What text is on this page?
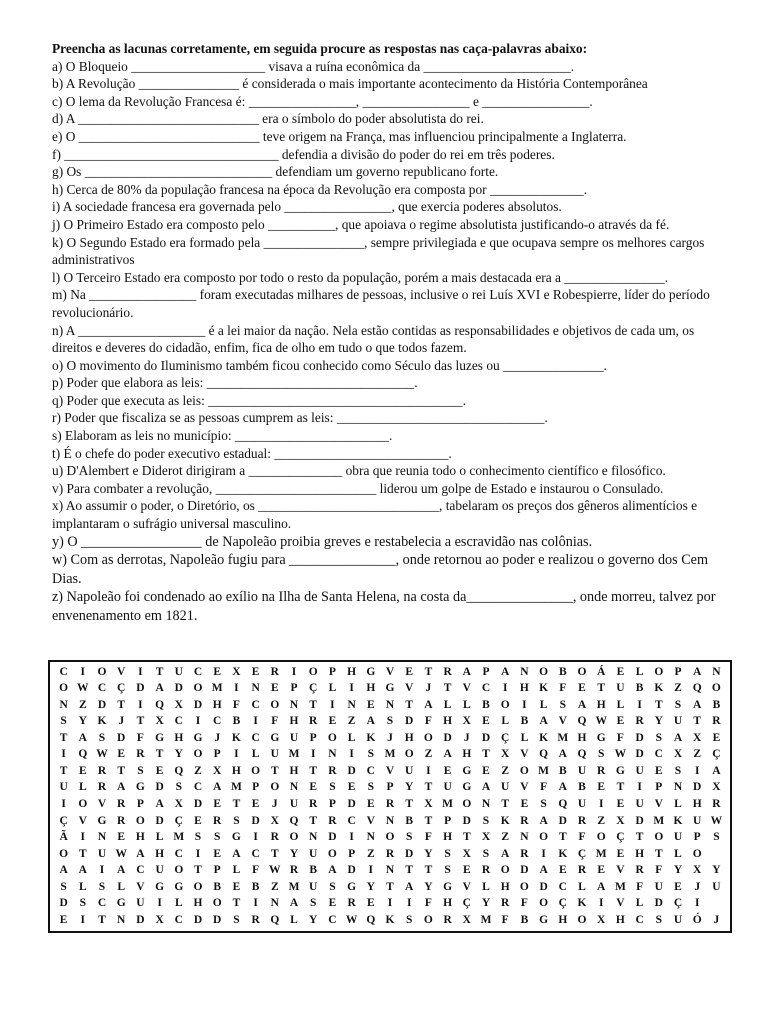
Preencha as lacunas corretamente, em seguida procure as respostas nas caça-palavras abaixo:

a) O Bloqueio ____________________ visava a ruína econômica da ______________________.

b) A Revolução _______________ é considerada o mais importante acontecimento da História Contemporânea

c) O lema da Revolução Francesa é: ________________, ________________ e ________________.

d) A ___________________________ era o símbolo do poder absolutista do rei.

e) O ___________________________ teve origem na França, mas influenciou principalmente a Inglaterra.

f) ________________________________ defendia a divisão do poder do rei em três poderes.

g) Os ____________________________ defendiam um governo republicano forte.

h) Cerca de 80% da população francesa na época da Revolução era composta por ______________.

i) A sociedade francesa era governada pelo ________________, que exercia poderes absolutos.

j) O Primeiro Estado era composto pelo __________, que apoiava o regime absolutista justificando-o através da fé.

k) O Segundo Estado era formado pela _______________, sempre privilegiada e que ocupava sempre os melhores cargos administrativos

l) O Terceiro Estado era composto por todo o resto da população, porém a mais destacada era a _______________.

m) Na ________________ foram executadas milhares de pessoas, inclusive o rei Luís XVI e Robespierre, líder do período revolucionário.

n) A ___________________ é a lei maior da nação. Nela estão contidas as responsabilidades e objetivos de cada um, os direitos e deveres do cidadão, enfim, fica de olho em tudo o que todos fazem.

o) O movimento do Iluminismo também ficou conhecido como Século das luzes ou _______________.

p) Poder que elabora as leis: _______________________________.

q) Poder que executa as leis: ______________________________________.

r) Poder que fiscaliza se as pessoas cumprem as leis: _______________________________.

s) Elaboram as leis no município: _______________________.

t) É o chefe do poder executivo estadual: __________________________.

u) D'Alembert e Diderot dirigiram a ______________ obra que reunia todo o conhecimento científico e filosófico.

v) Para combater a revolução, ________________________ liderou um golpe de Estado e instaurou o Consulado.

x) Ao assumir o poder, o Diretório, os ___________________________, tabelaram os preços dos gêneros alimentícios e implantaram o sufrágio universal masculino.

y) O _________________ de Napoleão proibia greves e restabelecia a escravidão nas colônias.

w) Com as derrotas, Napoleão fugiu para _______________, onde retornou ao poder e realizou o governo dos Cem Dias.

z) Napoleão foi condenado ao exílio na Ilha de Santa Helena, na costa da_______________, onde morreu, talvez por envenenamento em 1821.

C	I	O V	I	T U C E X E R	I	O P H G V E	T R A	P	A N O B O Á E	L O P	A N
O W C Ç D A D O M	I	N E	P	Ç L	I	H G V	J	T V C	I	H K F	E	T U B K Z Q O
N Z D T	I	Q X D H F	C O N T	I	N E N T A L	L	B O	I	L	S	A H L	I	T	S	A B
S	Y K	J	T X C	I	C B	I	F H R E	Z A	S	D	F H X E	L	B A V Q W E R Y U T R
T A	S	D	F G H G	J	K C G U	P O L K	J	H O D	J	D Ç L K M H G F	D	S	A X E
I	Q W E R T Y O P	I	L U M	I	N	I	S M O Z A H T X V Q A Q	S W D C X Z Ç
T	E R T	S	E Q Z X H O T H T R D C V U	I	E G E	Z O M B U R G U E	S	I	A
U L R A G D	S	C A M P O N E	S	E	S	P	Y T U G A U V	F	A B	E	T	I	P	N D X
I	O V R	P	A X D E	T	E	J	U R	P	D E R T X M O N T	E	S	Q U	I	E U V L H R
Ç V G R O D Ç E R	S	D X Q T R C V N B	T	P	D	S	K R A D R Z X D M K U W
Ã	I	N E H L M S	S	G	I	R O N D	I	N O	S	F H T X Z N O T	F O Ç T O U	P	S
O T U W A H C	I	E A C T Y U O P	Z R D Y	S	X	S	A R	I	K Ç M E H T	L O
A A	I	A C U O T	P	L	F W R B A D	I	N T	T	S	E R O D A E R E V R	F	Y X Y
S	L	S	L V G G O B	E	B	Z M U	S	G Y T A Y G V L H O D C L A M F	U E	J	U
D	S	C G U	I	L H O T	I	N A	S	E R E	I	I	F H Ç Y R	F O Ç K	I	V L D Ç	I
E	I	T N D X C D D	S	R Q L Y C W Q K	S	O R X M F	B G H O X H C	S	U Ó	J
